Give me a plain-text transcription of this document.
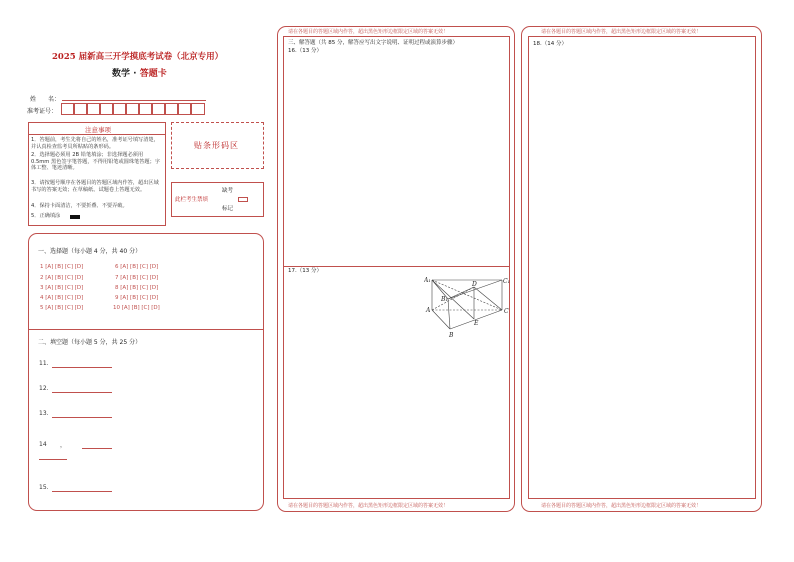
2025 届新高三开学摸底考试卷（北京专用）
数学 · 答题卡
姓　　名：
准考证号：
注意事项
1．答题前，考生先将自己的姓名，准考证号填写清楚，并认真检查监考员所粘贴的条形码。
2．选择题必须用 2B 铅笔填涂；非选择题必须用 0.5mm 黑色签字笔答题，不得用铅笔或圆珠笔答题；字体工整、笔迹清晰。
3．请按题号顺序在各题目的答题区域内作答，超出区域书写的答案无效；在草稿纸、试题卷上答题无效。
4．保持卡面清洁，不要折叠、不要弄破。
5．正确填涂
贴条形码区
此栏考生禁填
缺考
标记
一、选择题（每小题 4 分，共 40 分）
1 [A] [B] [C] [D]
2 [A] [B] [C] [D]
3 [A] [B] [C] [D]
4 [A] [B] [C] [D]
5 [A] [B] [C] [D]
6 [A] [B] [C] [D]
7 [A] [B] [C] [D]
8 [A] [B] [C] [D]
9 [A] [B] [C] [D]
10 [A] [B] [C] [D]
二、填空题（每小题 5 分，共 25 分）
11.
12.
13.
14 ，
15.
请在各题目的答题区域内作答，超出黑色矩形边框限定区域的答案无效！
三、解答题（共 85 分，解答应写出文字说明、证明过程或演算步骤）
16.（13 分）
17.（13 分）
请在各题目的答题区域内作答，超出黑色矩形边框限定区域的答案无效！
A₁	C₁
D
B₁
A	C
E
B
请在各题目的答题区域内作答，超出黑色矩形边框限定区域的答案无效！
18.（14 分）
请在各题目的答题区域内作答，超出黑色矩形边框限定区域的答案无效！
